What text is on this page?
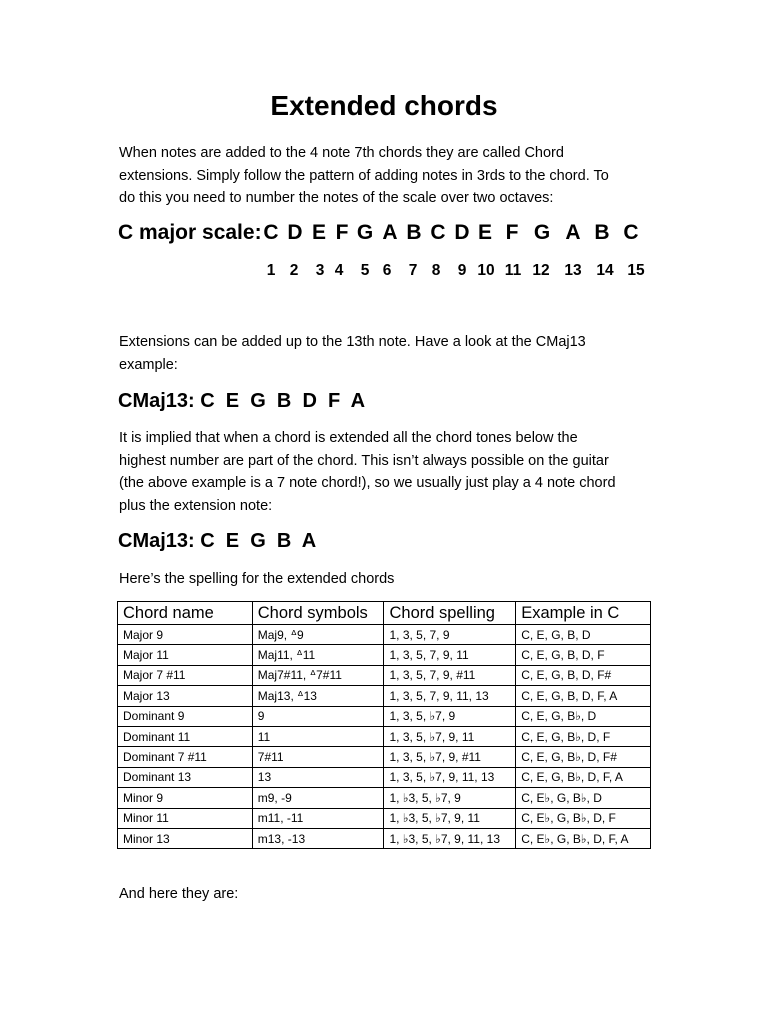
Extended chords

When notes are added to the 4 note 7th chords they are called Chord
extensions. Simply follow the pattern of adding notes in 3rds to the chord. To
do this you need to number the notes of the scale over two octaves:

C major scale: C D E F G A B C D E F G A B C
1 2 3 4 5 6 7 8 9 10 11 12 13 14 15

Extensions can be added up to the 13th note. Have a look at the CMaj13
example:

CMaj13: C  E  G  B  D  F  A

It is implied that when a chord is extended all the chord tones below the
highest number are part of the chord. This isn’t always possible on the guitar
(the above example is a 7 note chord!), so we usually just play a 4 note chord
plus the extension note:

CMaj13: C  E  G  B  A
Here’s the spelling for the extended chords
Chord name	Chord symbols	Chord spelling	Example in C
Major 9	Maj9, ᐞ9	1, 3, 5, 7, 9	C, E, G, B, D
Major 11	Maj11, ᐞ11	1, 3, 5, 7, 9, 11	C, E, G, B, D, F
Major 7 #11	Maj7#11, ᐞ7#11	1, 3, 5, 7, 9, #11	C, E, G, B, D, F#
Major 13	Maj13, ᐞ13	1, 3, 5, 7, 9, 11, 13	C, E, G, B, D, F, A
Dominant 9	9	1, 3, 5, ♭7, 9	C, E, G, B♭, D
Dominant 11	11	1, 3, 5, ♭7, 9, 11	C, E, G, B♭, D, F
Dominant 7 #11	7#11	1, 3, 5, ♭7, 9, #11	C, E, G, B♭, D, F#
Dominant 13	13	1, 3, 5, ♭7, 9, 11, 13	C, E, G, B♭, D, F, A
Minor 9	m9, -9	1, ♭3, 5, ♭7, 9	C, E♭, G, B♭, D
Minor 11	m11, -11	1, ♭3, 5, ♭7, 9, 11	C, E♭, G, B♭, D, F
Minor 13	m13, -13	1, ♭3, 5, ♭7, 9, 11, 13	C, E♭, G, B♭, D, F, A
And here they are:
